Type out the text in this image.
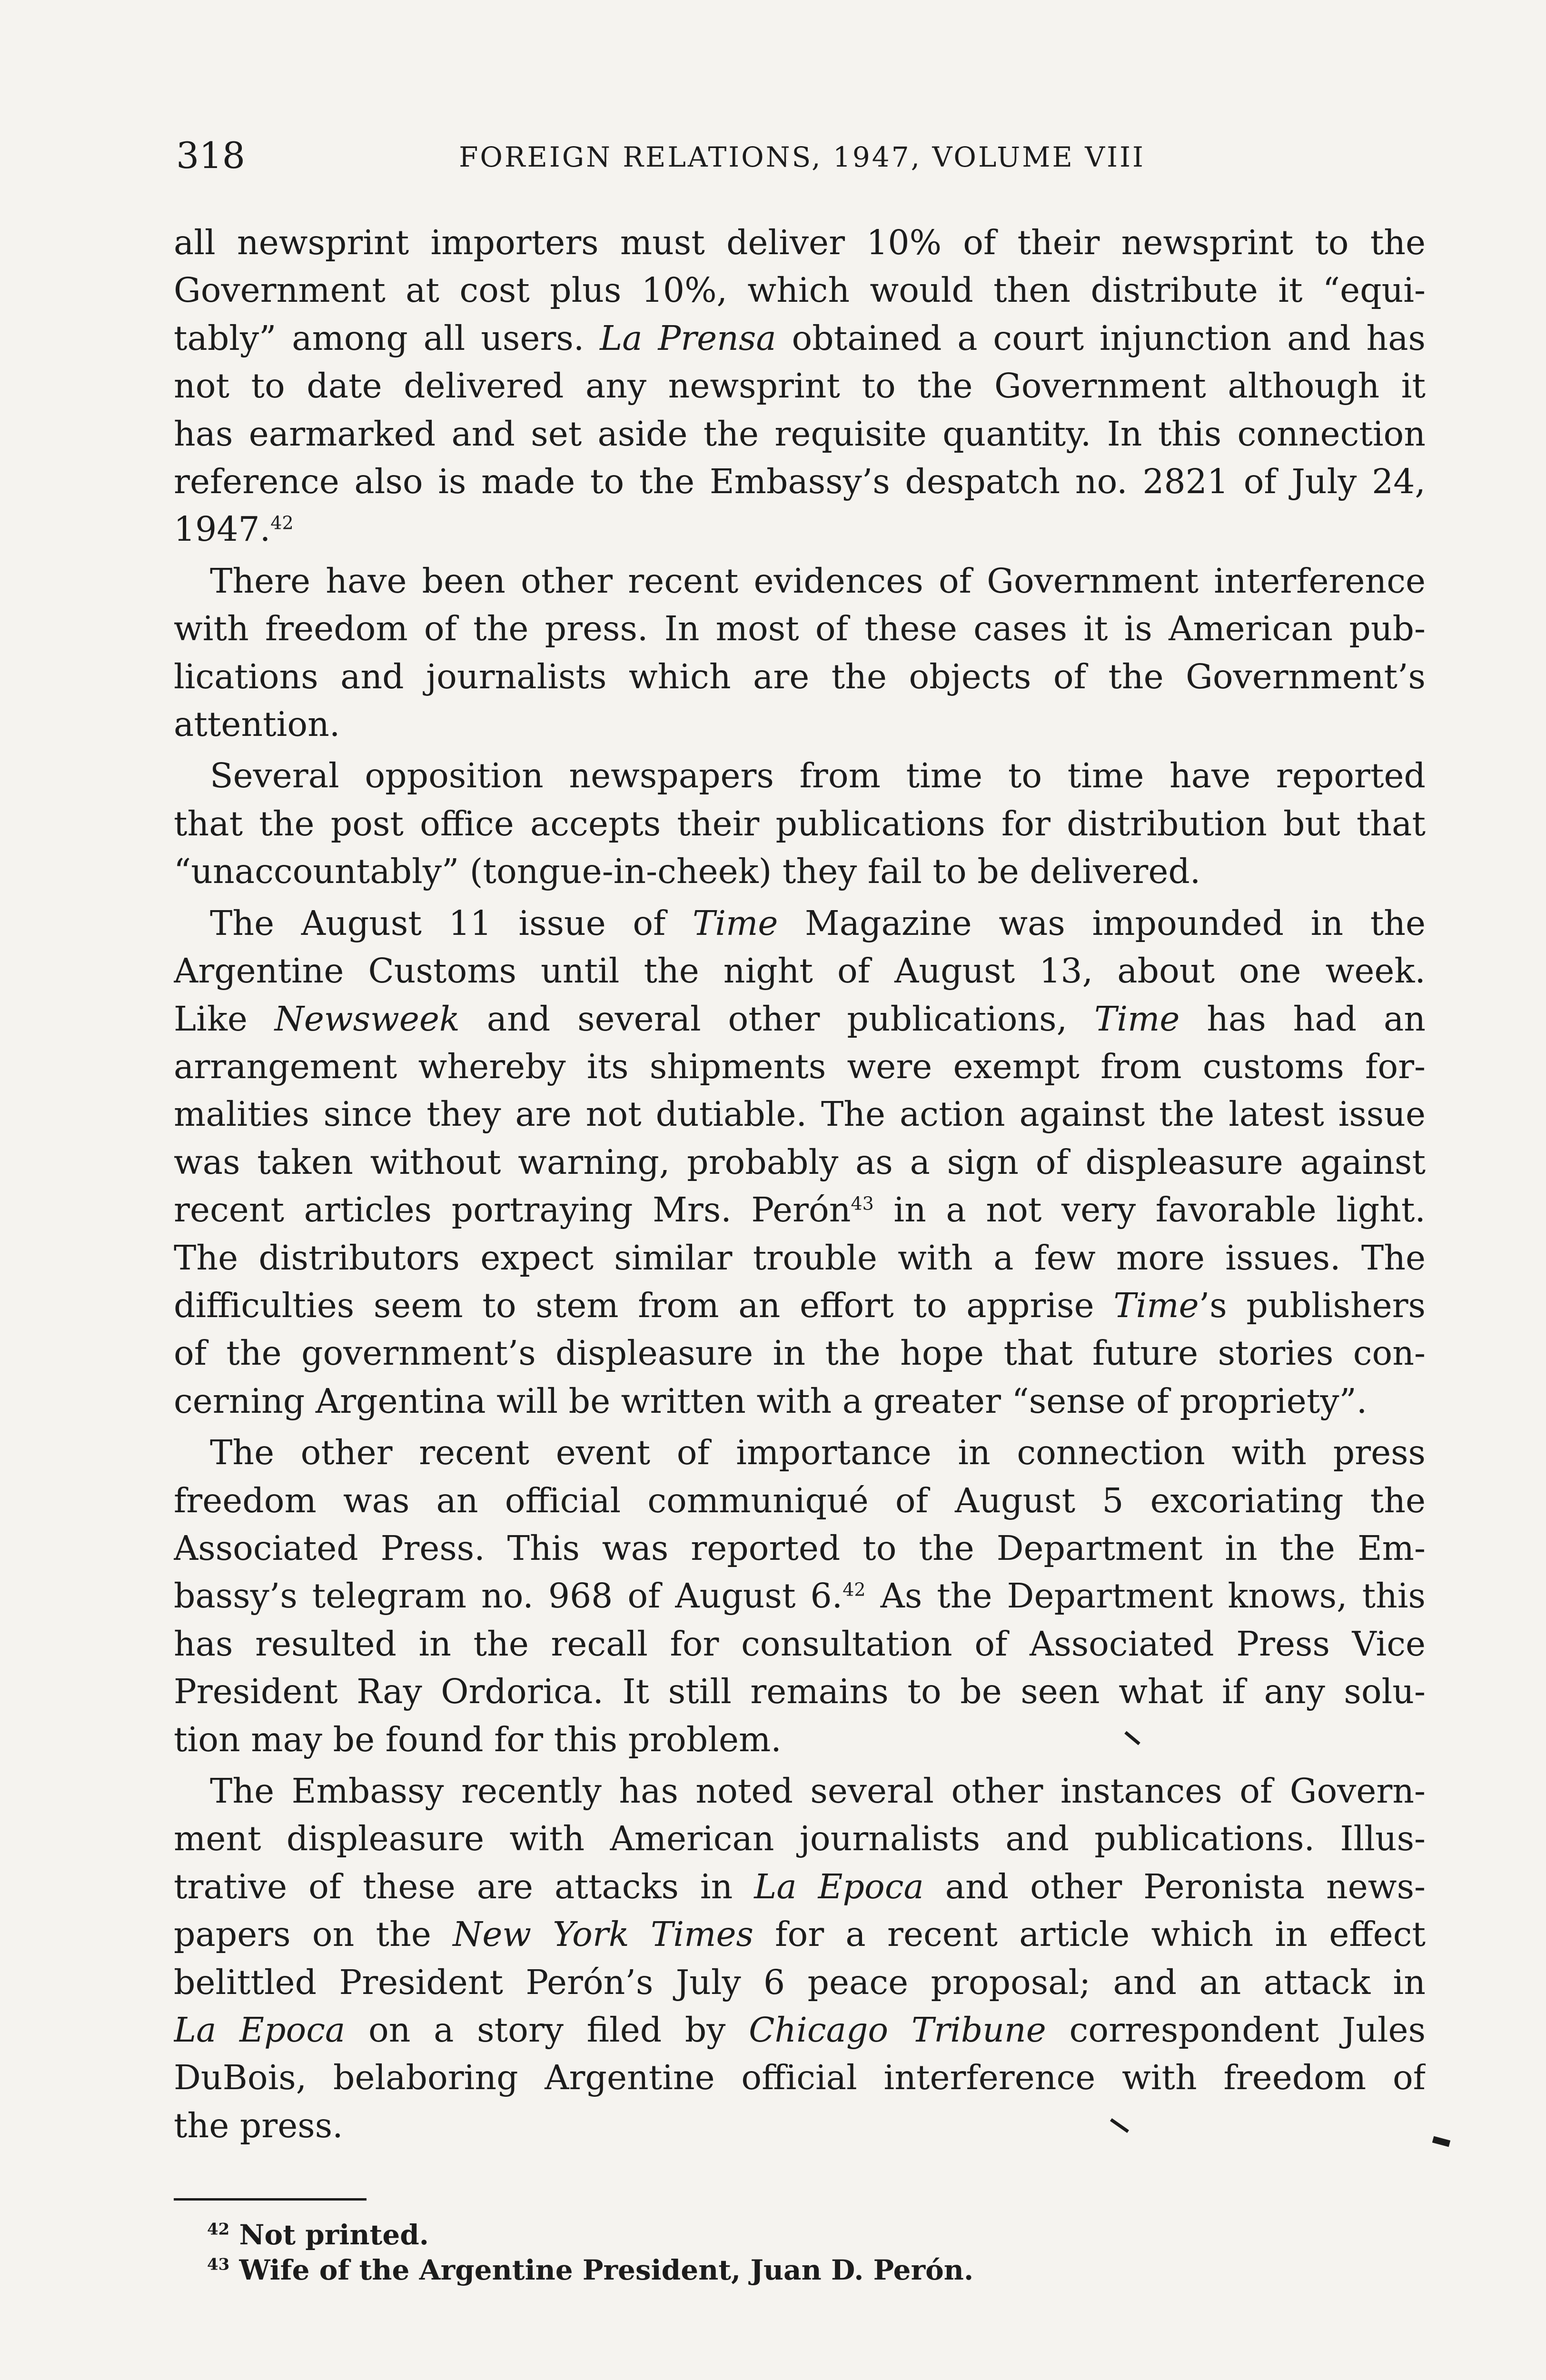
318	FOREIGN RELATIONS, 1947, VOLUME VIII
all newsprint importers must deliver 10% of their newsprint to the
Government at cost plus 10%, which would then distribute it “equi-
tably” among all users. La Prensa obtained a court injunction and has
not to date delivered any newsprint to the Government although it
has earmarked and set aside the requisite quantity. In this connection
reference also is made to the Embassy’s despatch no. 2821 of July 24,
1947.42
There have been other recent evidences of Government interference
with freedom of the press. In most of these cases it is American pub-
lications and journalists which are the objects of the Government’s
attention.
Several opposition newspapers from time to time have reported
that the post office accepts their publications for distribution but that
“unaccountably” (tongue-in-cheek) they fail to be delivered.
The August 11 issue of Time Magazine was impounded in the
Argentine Customs until the night of August 13, about one week.
Like Newsweek and several other publications, Time has had an
arrangement whereby its shipments were exempt from customs for-
malities since they are not dutiable. The action against the latest issue
was taken without warning, probably as a sign of displeasure against
recent articles portraying Mrs. Perón$^{43}$ in a not very favorable light.
The distributors expect similar trouble with a few more issues. The
difficulties seem to stem from an effort to apprise Time’s publishers
of the government’s displeasure in the hope that future stories con-
cerning Argentina will be written with a greater “sense of propriety”.
The other recent event of importance in connection with press
freedom was an official communiqué of August 5 excoriating the
Associated Press. This was reported to the Department in the Em-
bassy’s telegram no. 968 of August 6.42 As the Department knows, this
has resulted in the recall for consultation of Associated Press Vice
President Ray Ordorica. It still remains to be seen what if any solu-
tion may be found for this problem.
The Embassy recently has noted several other instances of Govern-
ment displeasure with American journalists and publications. Illus-
trative of these are attacks in La Epoca and other Peronista news-
papers on the New York Times for a recent article which in effect
belittled President Perón’s July 6 peace proposal; and an attack in
La Epoca on a story filed by Chicago Tribune correspondent Jules
DuBois, belaboring Argentine official interference with freedom of
the press.
$^{42}$ Not printed.
$^{43}$ Wife of the Argentine President, Juan D. Perón.
